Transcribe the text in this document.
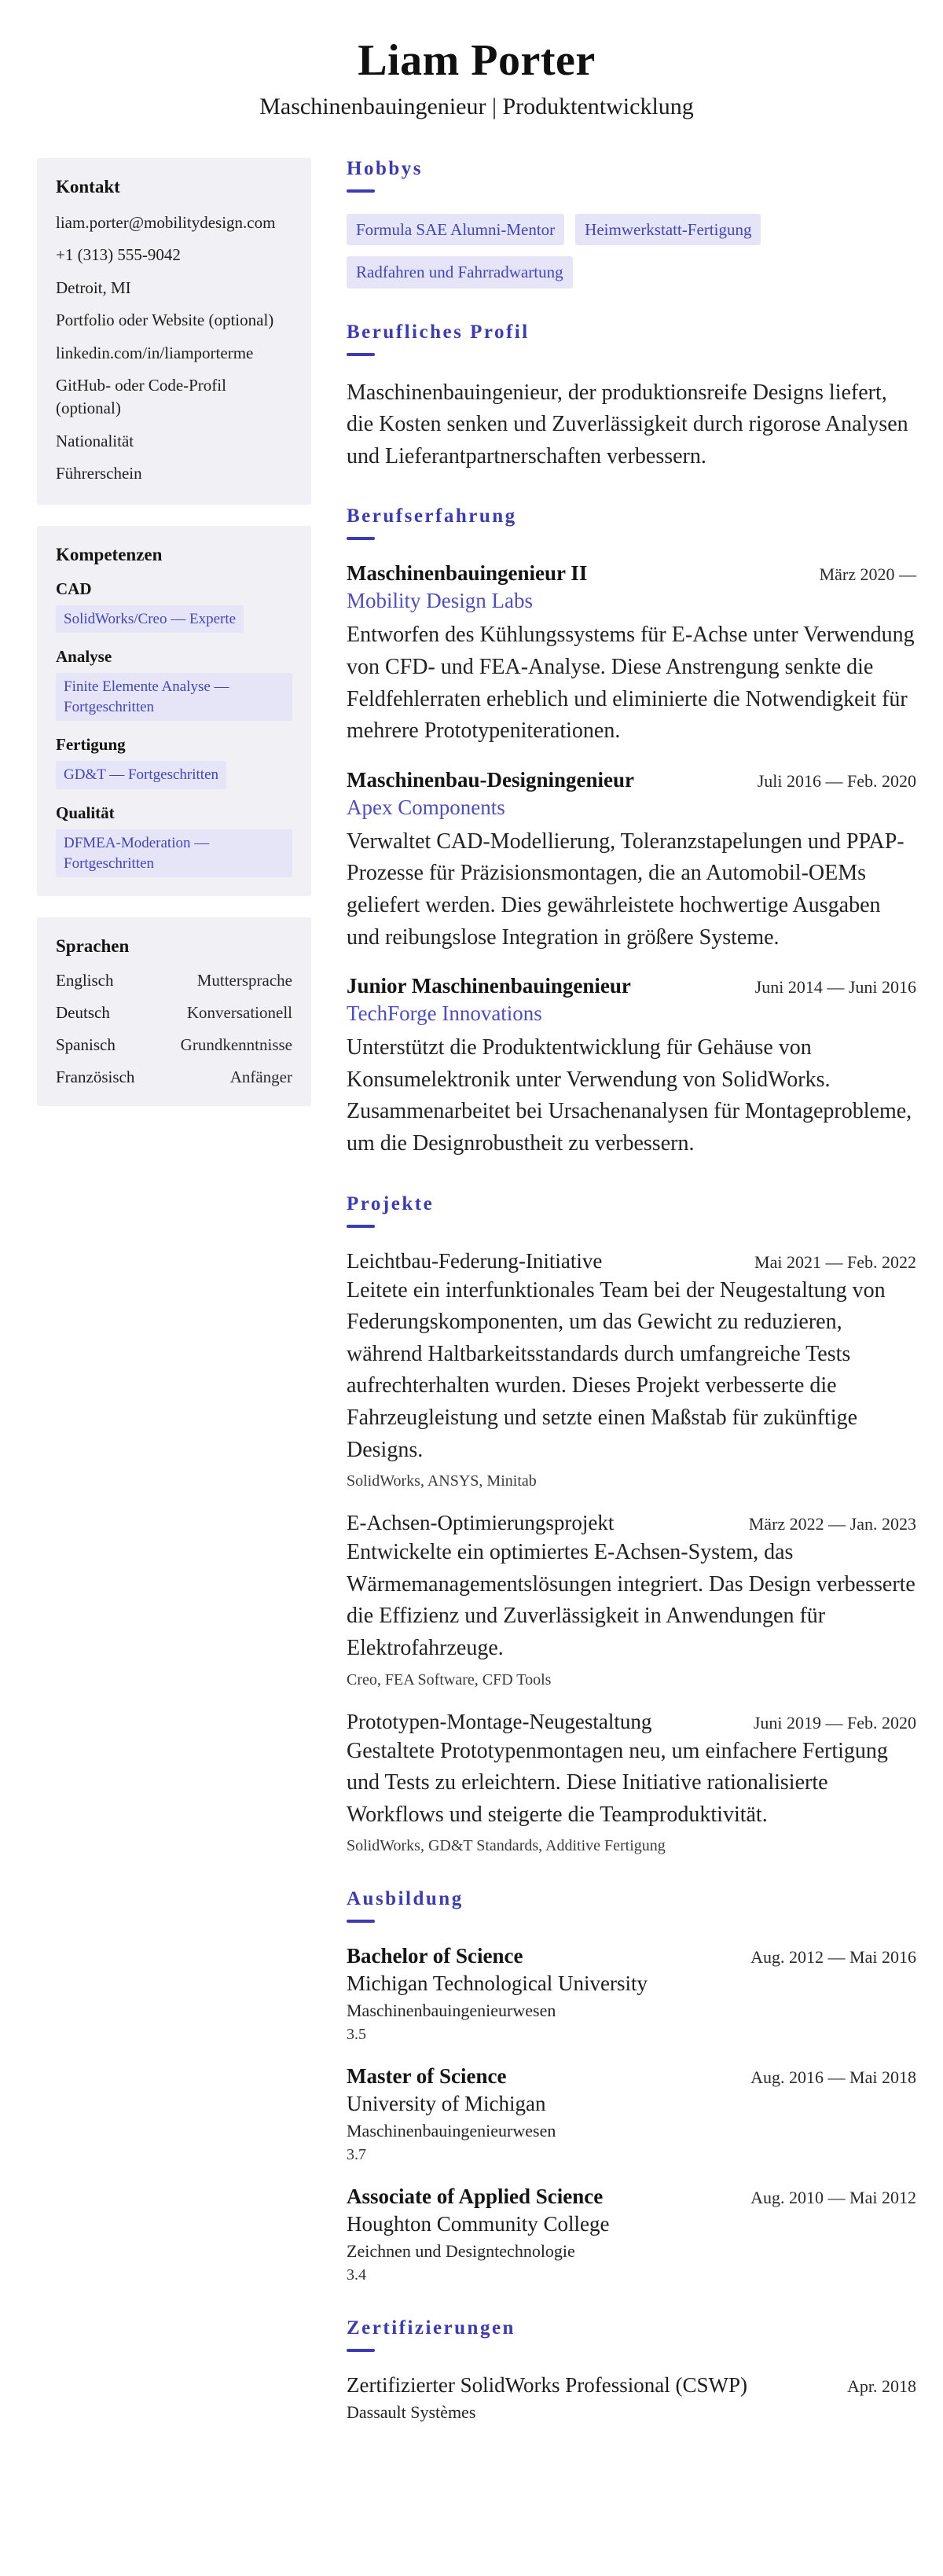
Liam Porter
Maschinenbauingenieur | Produktentwicklung
Kontakt
liam.porter@mobilitydesign.com
+1 (313) 555-9042
Detroit, MI
Portfolio oder Website (optional)
linkedin.com/in/liamporterme
GitHub- oder Code-Profil (optional)
Nationalität
Führerschein
Kompetenzen
CAD
SolidWorks/Creo — Experte
Analyse
Finite Elemente Analyse — Fortgeschritten
Fertigung
GD&T — Fortgeschritten
Qualität
DFMEA-Moderation — Fortgeschritten
Sprachen
Englisch	Muttersprache
Deutsch	Konversationell
Spanisch	Grundkenntnisse
Französisch	Anfänger
Hobbys
Formula SAE Alumni-Mentor	Heimwerkstatt-Fertigung
Radfahren und Fahrradwartung
Berufliches Profil

Maschinenbauingenieur, der produktionsreife Designs liefert, die Kosten senken und Zuverlässigkeit durch rigorose Analysen und Lieferantpartnerschaften verbessern.

Berufserfahrung
Maschinenbauingenieur II	März 2020 —
Mobility Design Labs

Entworfen des Kühlungssystems für E-Achse unter Verwendung von CFD- und FEA-Analyse. Diese Anstrengung senkte die Feldfehlerraten erheblich und eliminierte die Notwendigkeit für mehrere Prototypeniterationen.

Maschinenbau-Designingenieur	Juli 2016 — Feb. 2020
Apex Components

Verwaltet CAD-Modellierung, Toleranzstapelungen und PPAP-Prozesse für Präzisionsmontagen, die an Automobil-OEMs geliefert werden. Dies gewährleistete hochwertige Ausgaben und reibungslose Integration in größere Systeme.

Junior Maschinenbauingenieur	Juni 2014 — Juni 2016
TechForge Innovations

Unterstützt die Produktentwicklung für Gehäuse von Konsumelektronik unter Verwendung von SolidWorks. Zusammenarbeitet bei Ursachenanalysen für Montageprobleme, um die Designrobustheit zu verbessern.

Projekte
Leichtbau-Federung-Initiative	Mai 2021 — Feb. 2022

Leitete ein interfunktionales Team bei der Neugestaltung von Federungskomponenten, um das Gewicht zu reduzieren, während Haltbarkeitsstandards durch umfangreiche Tests aufrechterhalten wurden. Dieses Projekt verbesserte die Fahrzeugleistung und setzte einen Maßstab für zukünftige Designs.

SolidWorks, ANSYS, Minitab
E-Achsen-Optimierungsprojekt	März 2022 — Jan. 2023

Entwickelte ein optimiertes E-Achsen-System, das Wärmemanagementslösungen integriert. Das Design verbesserte die Effizienz und Zuverlässigkeit in Anwendungen für Elektrofahrzeuge.

Creo, FEA Software, CFD Tools
Prototypen-Montage-Neugestaltung	Juni 2019 — Feb. 2020

Gestaltete Prototypenmontagen neu, um einfachere Fertigung und Tests zu erleichtern. Diese Initiative rationalisierte Workflows und steigerte die Teamproduktivität.

SolidWorks, GD&T Standards, Additive Fertigung
Ausbildung
Bachelor of Science	Aug. 2012 — Mai 2016
Michigan Technological University
Maschinenbauingenieurwesen
3.5
Master of Science	Aug. 2016 — Mai 2018
University of Michigan
Maschinenbauingenieurwesen
3.7
Associate of Applied Science	Aug. 2010 — Mai 2012
Houghton Community College
Zeichnen und Designtechnologie
3.4
Zertifizierungen
Zertifizierter SolidWorks Professional (CSWP)	Apr. 2018
Dassault Systèmes
